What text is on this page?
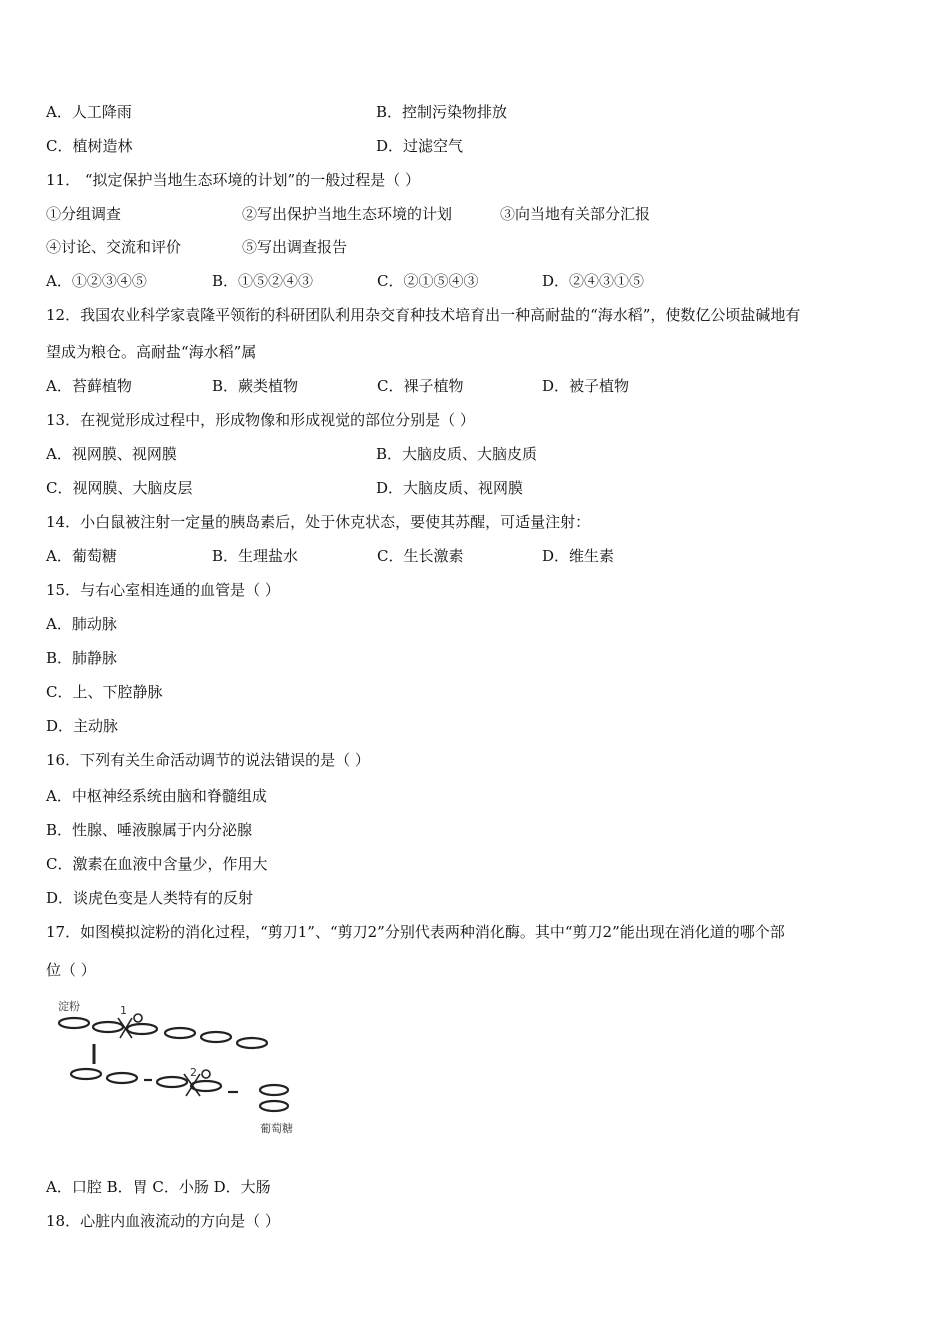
A．人工降雨	B．控制污染物排放
C．植树造林	D．过滤空气
11． “拟定保护当地生态环境的计划”的一般过程是（ ）
①分组调查	②写出保护当地生态环境的计划	③向当地有关部分汇报
④讨论、交流和评价	⑤写出调查报告
A．①②③④⑤	B．①⑤②④③	C．②①⑤④③	D．②④③①⑤
12．我国农业科学家袁隆平领衔的科研团队利用杂交育种技术培育出一种高耐盐的“海水稻”，使数亿公顷盐碱地有
望成为粮仓。高耐盐“海水稻”属
A．苔藓植物	B．蕨类植物	C．裸子植物	D．被子植物
13．在视觉形成过程中，形成物像和形成视觉的部位分别是（ ）
A．视网膜、视网膜	B．大脑皮质、大脑皮质
C．视网膜、大脑皮层	D．大脑皮质、视网膜
14．小白鼠被注射一定量的胰岛素后，处于休克状态，要使其苏醒，可适量注射：
A．葡萄糖	B．生理盐水	C．生长激素	D．维生素
15．与右心室相连通的血管是（ ）
A．肺动脉
B．肺静脉
C．上、下腔静脉
D．主动脉
16．下列有关生命活动调节的说法错误的是（ ）
A．中枢神经系统由脑和脊髓组成
B．性腺、唾液腺属于内分泌腺
C．激素在血液中含量少，作用大
D．谈虎色变是人类特有的反射
17．如图模拟淀粉的消化过程，“剪刀1”、“剪刀2”分别代表两种消化酶。其中“剪刀2”能出现在消化道的哪个部
位（ ）
淀粉	1
2
葡萄糖
A．口腔 B．胃 C．小肠 D．大肠
18．心脏内血液流动的方向是（ ）
